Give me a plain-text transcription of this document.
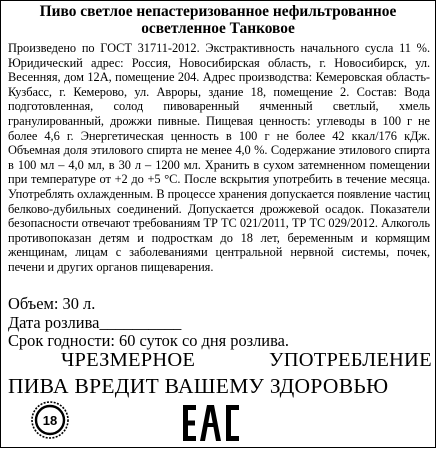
Пиво светлое непастеризованное нефильтрованное
осветленное Танковое
Произведено по ГОСТ 31711-2012. Экстрактивность начального сусла 11 %. Юридический адрес: Россия, Новосибирская область, г. Новосибирск, ул. Весенняя, дом 12А, помещение 204. Адрес производства: Кемеровская область-Кузбасс, г. Кемерово, ул. Авроры, здание 18, помещение 2. Состав: Вода подготовленная, солод пивоваренный ячменный светлый, хмель гранулированный, дрожжи пивные. Пищевая ценность: углеводы в 100 г не более 4,6 г. Энергетическая ценность в 100 г не более 42 ккал/176 кДж. Объемная доля этилового спирта не менее 4,0 %. Содержание этилового спирта в 100 мл – 4,0 мл, в 30 л – 1200 мл. Хранить в сухом затемненном помещении при температуре от +2 до +5 °С. После вскрытия употребить в течение месяца. Употреблять охлажденным. В процессе хранения допускается появление частиц белково-дубильных соединений. Допускается дрожжевой осадок. Показатели безопасности отвечают требованиям ТР ТС 021/2011, ТР ТС 029/2012. Алкоголь противопоказан детям и подросткам до 18 лет, беременным и кормящим женщинам, лицам с заболеваниями центральной нервной системы, почек, печени и других органов пищеварения.
Объем: 30 л.
Дата розлива__________
Срок годности: 60 суток со дня розлива.
ЧРЕЗМЕРНОЕ	УПОТРЕБЛЕНИЕ
ПИВА ВРЕДИТ ВАШЕМУ ЗДОРОВЬЮ
18
